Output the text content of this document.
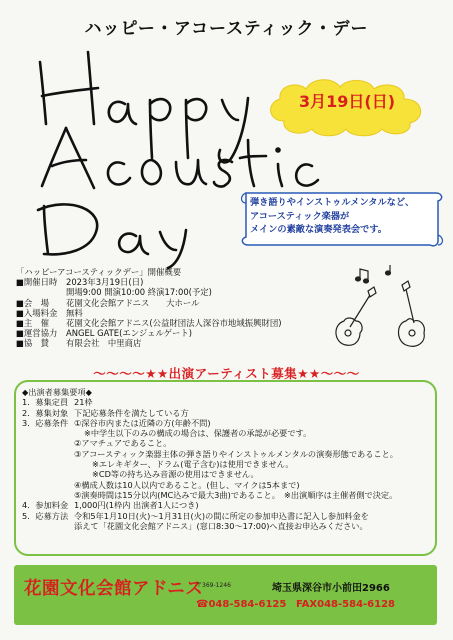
ハッピー・アコースティック・デー
3月19日(日)
弾き語りやインストゥルメンタルなど、
アコースティック楽器が
メインの素敵な演奏発表会です。
「ハッピーアコースティックデー」開催概要
■開催日時	2023年3月19日(日)
開場9:00 開演10:00 終演17:00(予定)
■会　場	花園文化会館アドニス　　大ホール
■入場料金	無料
■主　催	花園文化会館アドニス(公益財団法人深谷市地域振興財団)
■運営協力	ANGEL GATE(エンジェルゲート)
■協　賛	有限会社　中里商店
～～～～★★出演アーティスト募集★★～～～
◆出演者募集要項◆
1．募集定員 21枠
2．募集対象 下記応募条件を満たしている方
3．応募条件 ①深谷市内または近隣の方(年齢不問)
※中学生以下のみの構成の場合は、保護者の承認が必要です。
②アマチュアであること。
③アコースティック楽器主体の弾き語りやインストゥルメンタルの演奏形態であること。
※エレキギター、ドラム(電子含む)は使用できません。
※CD等の持ち込み音源の使用はできません。
④構成人数は10人以内であること。(但し、マイクは5本まで)
⑤演奏時間は15分以内(MC込みで最大3曲)であること。　※出演順序は主催者側で決定。
4．参加料金 1,000円(1枠内 出演者1人につき)
5．応募方法 令和5年1月10日(火)～1月31日(火)の間に所定の参加申込書に記入し参加料金を
添えて「花園文化会館アドニス」(窓口8:30～17:00)へ直接お申込みください。
花園文化会館アドニス
〒369-1246	埼玉県深谷市小前田2966
☎048-584-6125 FAX048-584-6128
